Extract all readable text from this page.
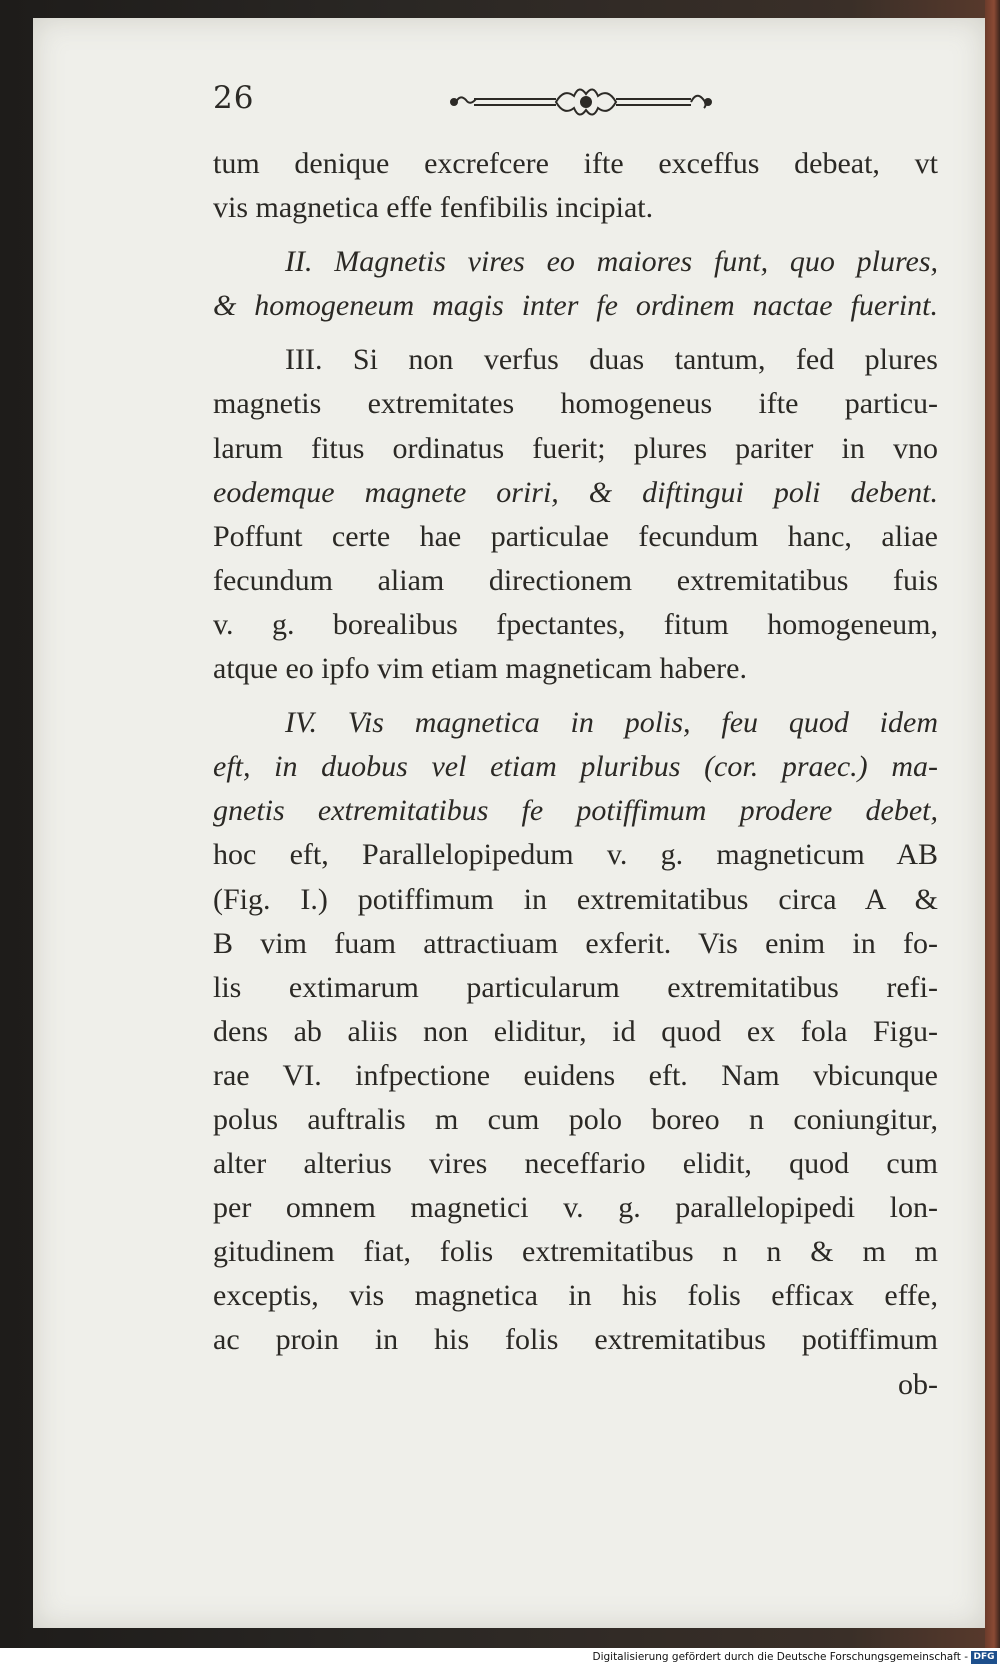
26
tum denique excrefcere ifte exceffus debeat, vt
vis magnetica effe fenfibilis incipiat.
II. Magnetis vires eo maiores funt, quo plures,
& homogeneum magis inter fe ordinem nactae fuerint.
III. Si non verfus duas tantum, fed plures
magnetis extremitates homogeneus ifte particu-
larum fitus ordinatus fuerit; plures pariter in vno
eodemque magnete oriri, & diftingui poli debent.
Poffunt certe hae particulae fecundum hanc, aliae
fecundum aliam directionem extremitatibus fuis
v. g. borealibus fpectantes, fitum homogeneum,
atque eo ipfo vim etiam magneticam habere.
IV. Vis magnetica in polis, feu quod idem
eft, in duobus vel etiam pluribus (cor. praec.) ma-
gnetis extremitatibus fe potiffimum prodere debet,
hoc eft, Parallelopipedum v. g. magneticum AB
(Fig. I.) potiffimum in extremitatibus circa A &
B vim fuam attractiuam exferit. Vis enim in fo-
lis extimarum particularum extremitatibus refi-
dens ab aliis non eliditur, id quod ex fola Figu-
rae VI. infpectione euidens eft. Nam vbicunque
polus auftralis m cum polo boreo n coniungitur,
alter alterius vires neceffario elidit, quod cum
per omnem magnetici v. g. parallelopipedi lon-
gitudinem fiat, folis extremitatibus n n & m m
exceptis, vis magnetica in his folis efficax effe,
ac proin in his folis extremitatibus potiffimum
ob-
Digitalisierung gefördert durch die Deutsche Forschungsgemeinschaft - DFG
